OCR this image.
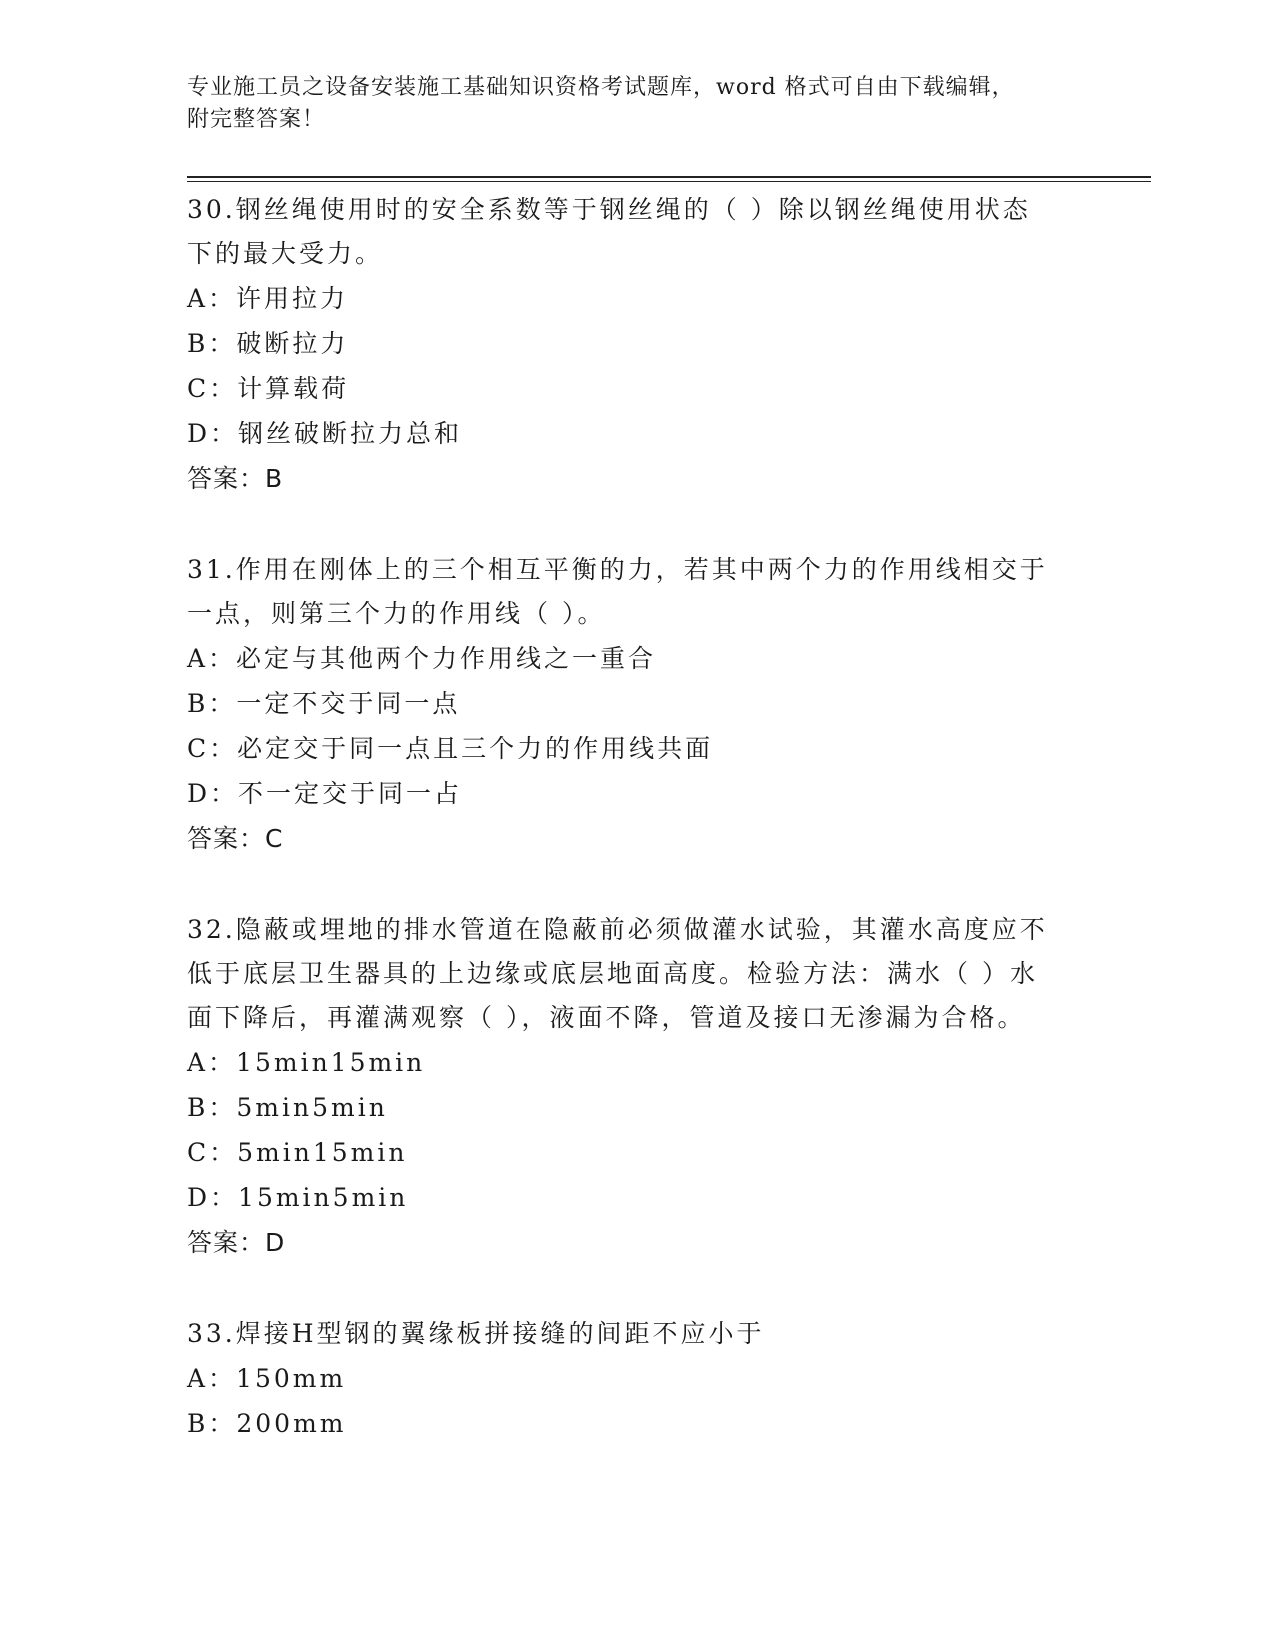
专业施工员之设备安装施工基础知识资格考试题库，word 格式可自由下载编辑，
附完整答案！
30.钢丝绳使用时的安全系数等于钢丝绳的（ ）除以钢丝绳使用状态
下的最大受力。
A：许用拉力
B：破断拉力
C：计算载荷
D：钢丝破断拉力总和
答案：B
31.作用在刚体上的三个相互平衡的力，若其中两个力的作用线相交于
一点，则第三个力的作用线（ ）。
A：必定与其他两个力作用线之一重合
B：一定不交于同一点
C：必定交于同一点且三个力的作用线共面
D：不一定交于同一占
答案：C
32.隐蔽或埋地的排水管道在隐蔽前必须做灌水试验，其灌水高度应不
低于底层卫生器具的上边缘或底层地面高度。检验方法：满水（ ）水
面下降后，再灌满观察（ ），液面不降，管道及接口无渗漏为合格。
A：15min15min
B：5min5min
C：5min15min
D：15min5min
答案：D
33.焊接H型钢的翼缘板拼接缝的间距不应小于
A：150mm
B：200mm
